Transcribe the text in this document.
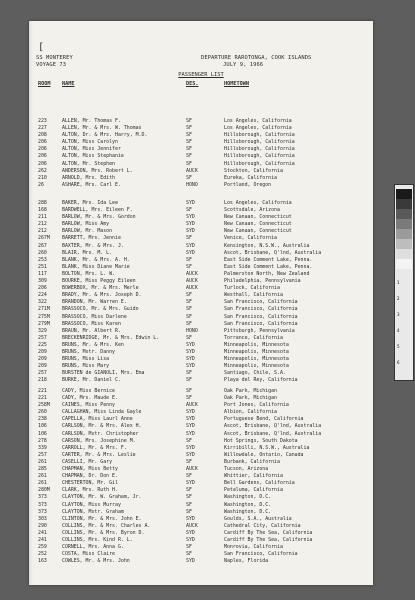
[
SS MONTEREY
VOYAGE 73
DEPARTURE RAROTONGA, COOK ISLANDS
JULY 9, 1966
PASSENGER LIST
ROOM NAME	DES.	HOMETOWN
223	ALLEN, Mr. Thomas F.	SF	Los Angeles, California
227	ALLEN, Mr. & Mrs. W. Thomas	SF	Los Angeles, California
208	ALTON, Dr. & Mrs. Harry, M.D.	SF	Hillsborough, California
206	ALTON, Miss Carolyn	SF	Hillsborough, California
206	ALTON, Miss Jennifer	SF	Hillsborough, California
206	ALTON, Miss Stephanie	SF	Hillsborough, California
206	ALTON, Mr. Stephen	SF	Hillsborough, California
262	ANDERSON, Mrs. Robert L.	AUCK	Stockton, California
210	ARNOLD, Mrs. Edith	SF	Eureka, California
26	ASHARE, Mrs. Carl E.	HONO	Portland, Oregon
288	BAKER, Mrs. Ida Lee	SYD	Los Angeles, California
168	BARDWELL, Mrs. Eileen F.	SF	Scottsdale, Arizona
211	BARLOW, Mr. & Mrs. Gordon	SYD	New Canaan, Connecticut
212	BARLOW, Miss Amy	SYD	New Canaan, Connecticut
212	BARLOW, Mr. Mason	SYD	New Canaan, Connecticut
267M	BARRETT, Mrs. Jennie	SF	Venice, California
267	BAXTER, Mr. & Mrs. J.	SYD	Kensington, N.S.W., Australia
260	BLAIR, Mrs. M. L.	SYD	Ascot, Brisbane, Q'lnd, Australia
253	BLANK, Mr. & Mrs. A. H.	SF	East Side Comment Lake, Penna.
251	BLANK, Miss Diane Marie	SF	East Side Comment Lake, Penna.
117	BOLTON, Mrs. L. W.	AUCK	Palmerston North, New Zealand
309	BOURKE, Miss Peggy Eileen	AUCK	Philadelphia, Pennsylvania
206	BOWERBOX, Mr. & Mrs. Merle	AUCK	Turlock, California
224	BRADY, Mr. & Mrs. Joseph D.	SF	Westhall, California
322	BRANDON, Mr. Warren E.	SF	San Francisco, California
271M	BRASSOCO, Mr. & Mrs. Guido	SF	San Francisco, California
275M	BRASSOCO, Miss Darlene	SF	San Francisco, California
279M	BRASSOCO, Miss Karen	SF	San Francisco, California
329	BRAUN, Mr. Albert R.	HONO	Pittsburgh, Pennsylvania
257	BRECKENRIDGE, Mr. & Mrs. Edwin L.	SF	Torrance, California
225	BRUNS, Mr. & Mrs. Ken	SYD	Minneapolis, Minnesota
209	BRUNS, Mstr. Danny	SYD	Minneapolis, Minnesota
209	BRUNS, Miss Lisa	SYD	Minneapolis, Minnesota
209	BRUNS, Miss Mary	SYD	Minneapolis, Minnesota
257	BURSTEN de GIANOLI, Mrs. Ema	SF	Santiago, Chile, S.A.
218	BURKE, Mr. Daniel C.	SF	Playa del Rey, California
221	CADY, Miss Bernice	SF	Oak Park, Michigan
221	CADY, Mrs. Maude E.	SF	Oak Park, Michigan
258M	CAINES, Miss Penny	AUCK	Port Jones, California
260	CALLAGHAN, Miss Linda Gayle	SYD	Albion, California
238	CAPELLA, Miss Laurl Anne	SYD	Portuguese Bend, California
106	CARLSON, Mr. & Mrs. Alex H.	SYD	Ascot, Brisbane, Q'lnd, Australia
106	CARLSON, Mstr. Christopher	SYD	Ascot, Brisbane, Q'lnd, Australia
278	CARSON, Mrs. Josephine M.	SF	Hot Springs, South Dakota
339	CARROLL, Mr. & Mrs. F.	SYD	Kirribilli, N.S.W., Australia
257	CARTER, Mr. & Mrs. Leslie	SYD	Willowdale, Ontario, Canada
261	CASELLI, Mr. Gary	SF	Burbank, California
285	CHAPMAN, Miss Betty	AUCK	Tucson, Arizona
261	CHAPMAN, Dr. Don E.	SF	Whittier, California
261	CHESTERTON, Mr. Gil	SYD	Bell Gardens, California
280M	CLARK, Mrs. Ruth H.	SF	Petaluma, California
373	CLAYTON, Mr. W. Graham, Jr.	SF	Washington, D.C.
373	CLAYTON, Miss Murray	SF	Washington, D.C.
373	CLAYTON, Mstr. Graham	SF	Washington, D.C.
303	CLINTON, Mr. & Mrs. John E.	SYD	Goulds, S.A., Australia
290	COLLINS, Mr. & Mrs. Charles A.	AUCK	Cathedral City, California
241	COLLINS, Mr. & Mrs. Byron D.	SYD	Cardiff By The Sea, California
241	COLLINS, Mrs. Kind R. L.	SYD	Cardiff By The Sea, California
259	CORNELL, Mrs. Anna G.	SF	Monrovia, California
252	COSTA, Miss Claire	SF	San Francisco, California
163	COWLES, Mr. & Mrs. John	SYD	Naples, Florida
1
2
3
4
5
6
